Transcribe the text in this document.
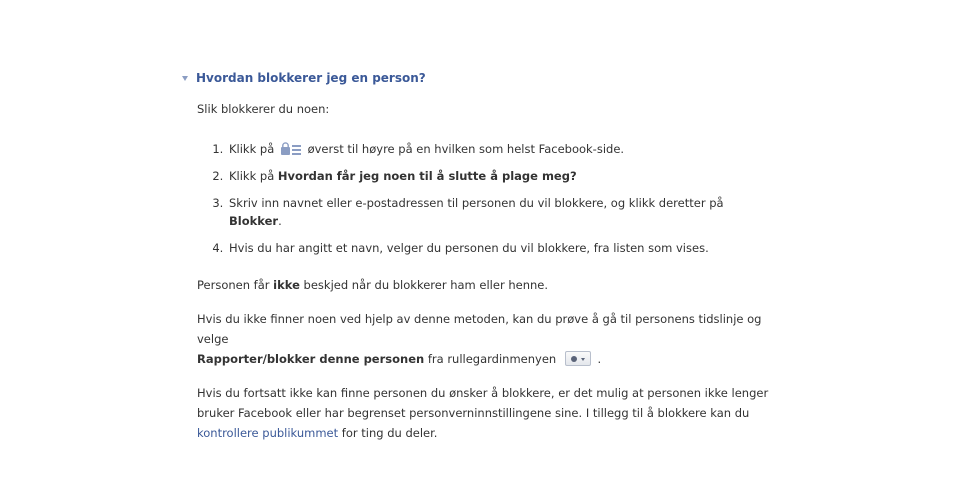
Hvordan blokkerer jeg en person?

Slik blokkerer du noen:

1. Klikk på	øverst til høyre på en hvilken som helst Facebook-side.
2. Klikk på Hvordan får jeg noen til å slutte å plage meg?
3. Skriv inn navnet eller e-postadressen til personen du vil blokkere, og klikk deretter på
Blokker.
4. Hvis du har angitt et navn, velger du personen du vil blokkere, fra listen som vises.

Personen får ikke beskjed når du blokkerer ham eller henne.

Hvis du ikke finner noen ved hjelp av denne metoden, kan du prøve å gå til personens tidslinje og velge
Rapporter/blokker denne personen fra rullegardinmenyen	.

Hvis du fortsatt ikke kan finne personen du ønsker å blokkere, er det mulig at personen ikke lenger bruker Facebook eller har begrenset personverninnstillingene sine. I tillegg til å blokkere kan du
kontrollere publikummet for ting du deler.
